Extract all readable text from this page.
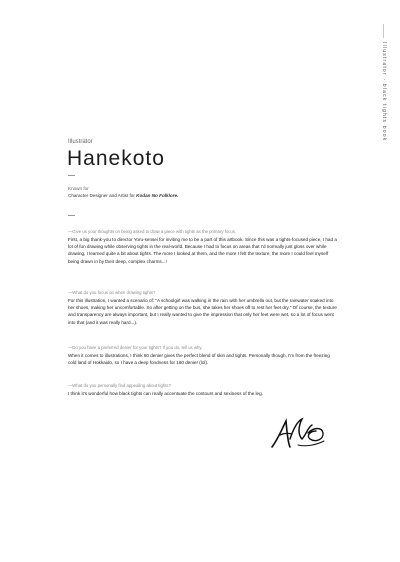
Illustrator · black tights book
Illustrator
Hanekoto
Known for
Character Designer and Artist for Kodan No Folklore.
—Give us your thoughts on being asked to draw a piece with tights as the primary focus.
First, a big thank-you to director Yoru-sensei for inviting me to be a part of this artbook. Since this was a tights-focused piece, I had a lot of fun drawing while observing tights in the real-world. Because I had to focus on areas that I'd normally just gloss over while drawing, I learned quite a bit about tights. The more I looked at them, and the more I felt the texture, the more I could feel myself being drawn in by their deep, complex charms...!
—What do you focus on when drawing tights?
For this illustration, I wanted a scenario of: "A schoolgirl was walking in the rain with her umbrella out, but the rainwater soaked into her shoes, making her uncomfortable. So after getting on the bus, she takes her shoes off to rest her feet dry." Of course, the texture and transparency are always important, but I really wanted to give the impression that only her feet were wet, so a lot of focus went into that (and it was really hard...).
—Do you have a preferred denier for your tights? If you do, tell us why.
When it comes to illustrations, I think 60 denier gives the perfect blend of skin and tights. Personally though, I'm from the freezing cold land of Hokkaido, so I have a deep fondness for 160 denier (lol).
—What do you personally find appealing about tights?
I think it's wonderful how black tights can really accentuate the contours and sexiness of the leg.
